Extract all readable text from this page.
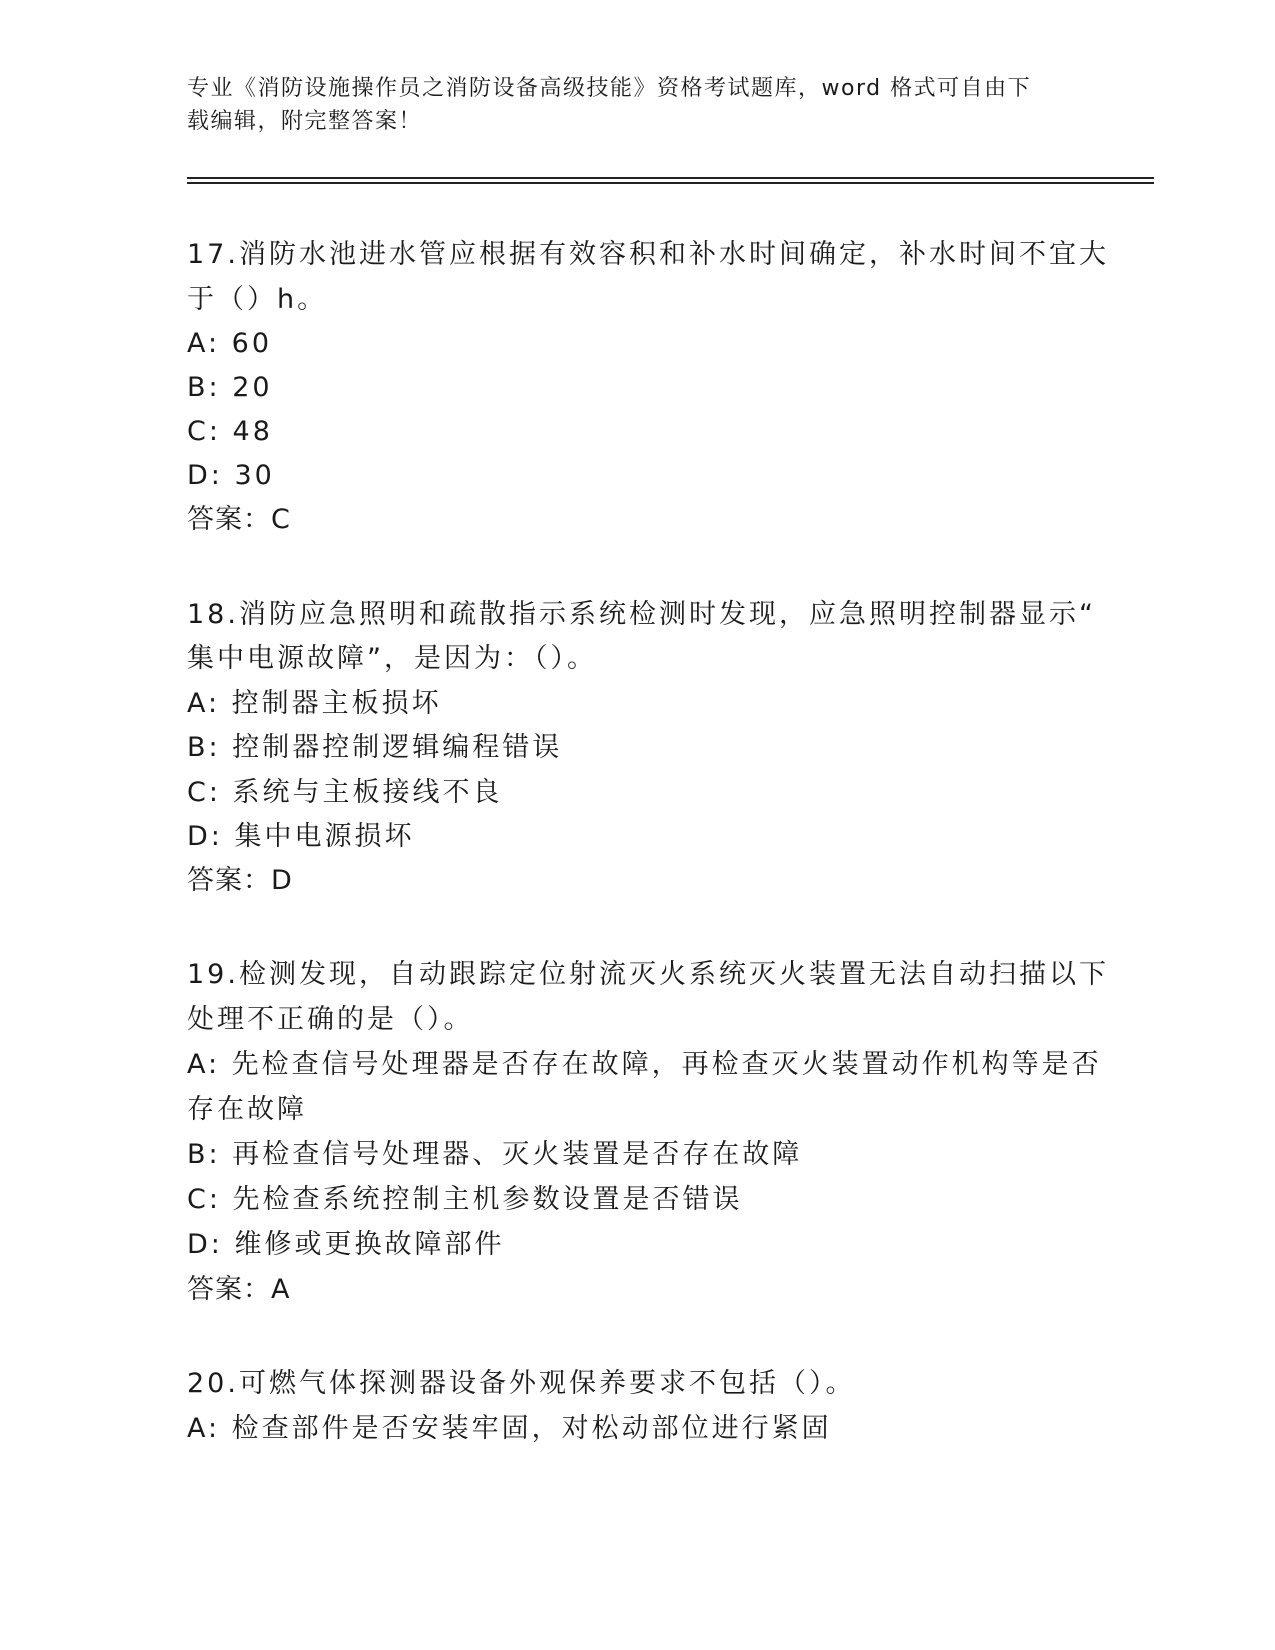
专业《消防设施操作员之消防设备高级技能》资格考试题库，word 格式可自由下
载编辑，附完整答案！
17.消防水池进水管应根据有效容积和补水时间确定，补水时间不宜大
于（）h。
A: 60
B: 20
C: 48
D: 30
答案：C
18.消防应急照明和疏散指示系统检测时发现，应急照明控制器显示“
集中电源故障”，是因为：（）。
A: 控制器主板损坏
B: 控制器控制逻辑编程错误
C: 系统与主板接线不良
D: 集中电源损坏
答案：D
19.检测发现，自动跟踪定位射流灭火系统灭火装置无法自动扫描以下
处理不正确的是（）。
A: 先检查信号处理器是否存在故障，再检查灭火装置动作机构等是否
存在故障
B: 再检查信号处理器、灭火装置是否存在故障
C: 先检查系统控制主机参数设置是否错误
D: 维修或更换故障部件
答案：A
20.可燃气体探测器设备外观保养要求不包括（）。
A: 检查部件是否安装牢固，对松动部位进行紧固
